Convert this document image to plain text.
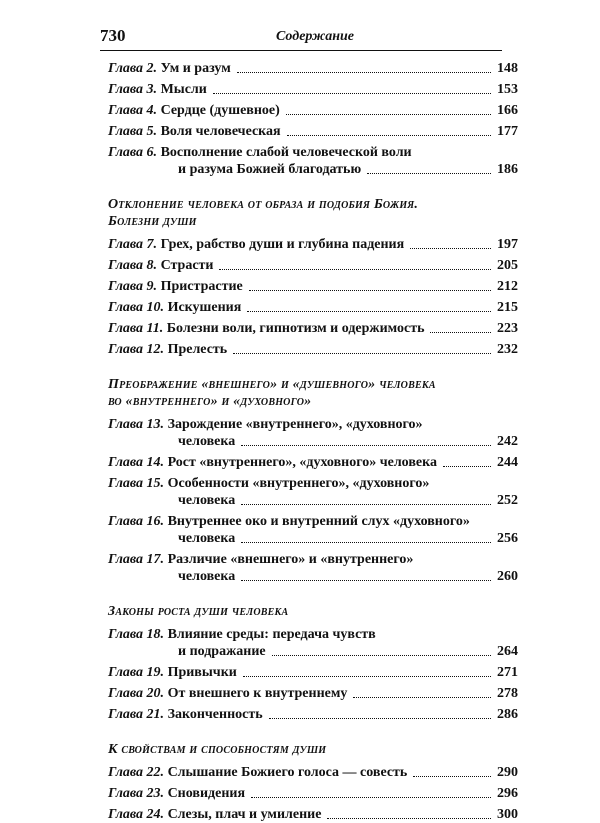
730	Содержание
Глава 2. Ум и разум	148
Глава 3. Мысли	153
Глава 4. Сердце (душевное)	166
Глава 5. Воля человеческая	177
Глава 6. Восполнение слабой человеческой воли
и разума Божией благодатью	186
Отклонение человека от образа и подобия Божия.
Болезни души
Глава 7. Грех, рабство души и глубина падения	197
Глава 8. Страсти	205
Глава 9. Пристрастие	212
Глава 10. Искушения	215
Глава 11. Болезни воли, гипнотизм и одержимость	223
Глава 12. Прелесть	232
Преображение «внешнего» и «душевного» человека
во «внутреннего» и «духовного»
Глава 13. Зарождение «внутреннего», «духовного»
человека	242
Глава 14. Рост «внутреннего», «духовного» человека	244
Глава 15. Особенности «внутреннего», «духовного»
человека	252
Глава 16. Внутреннее око и внутренний слух «духовного»
человека	256
Глава 17. Различие «внешнего» и «внутреннего»
человека	260
Законы роста души человека
Глава 18. Влияние среды: передача чувств
и подражание	264
Глава 19. Привычки	271
Глава 20. От внешнего к внутреннему	278
Глава 21. Законченность	286
К свойствам и способностям души
Глава 22. Слышание Божиего голоса — совесть	290
Глава 23. Сновидения	296
Глава 24. Слезы, плач и умиление	300
